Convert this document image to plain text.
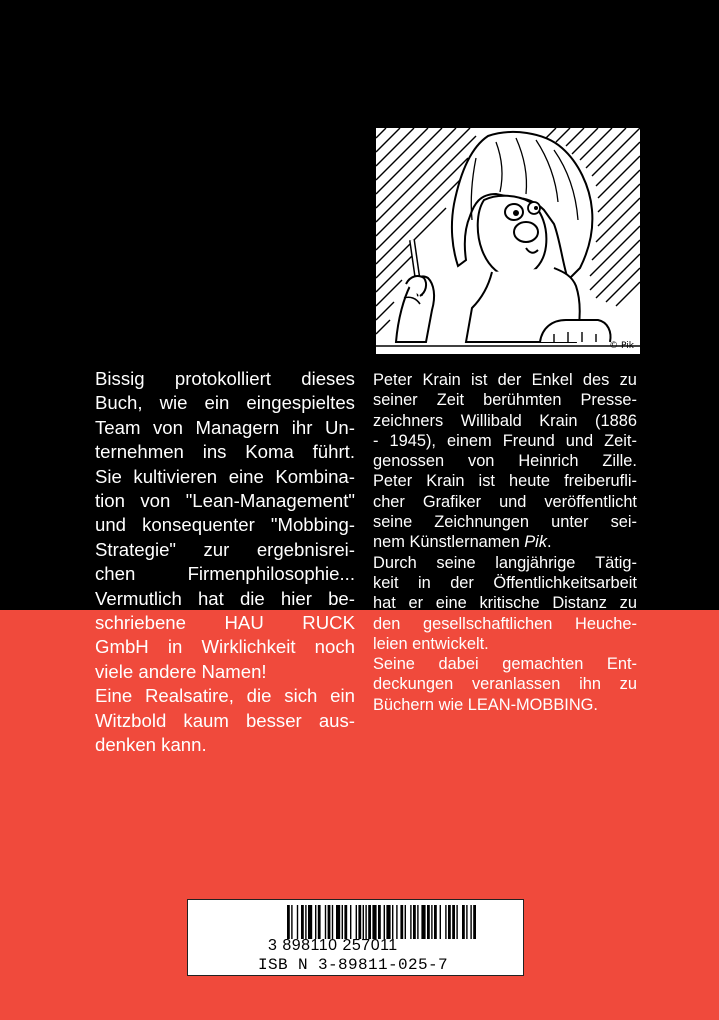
© Pik
Bissig protokolliert dieses
Buch, wie ein eingespieltes
Team von Managern ihr Un-
ternehmen ins Koma führt.
Sie kultivieren eine Kombina-
tion von "Lean-Management"
und konsequenter "Mobbing-
Strategie" zur ergebnisrei-
chen	Firmenphilosophie...
Vermutlich hat die hier be-
schriebene HAU RUCK
GmbH in Wirklichkeit noch
viele andere Namen!
Eine Realsatire, die sich ein
Witzbold kaum besser aus-
denken kann.
Peter Krain ist der Enkel des zu
seiner Zeit berühmten Presse-
zeichners Willibald Krain (1886
- 1945), einem Freund und Zeit-
genossen von Heinrich Zille.
Peter Krain ist heute freiberufli-
cher Grafiker und veröffentlicht
seine Zeichnungen unter sei-
nem Künstlernamen Pik.
Durch seine langjährige Tätig-
keit in der Öffentlichkeitsarbeit
hat er eine kritische Distanz zu
den gesellschaftlichen Heuche-
leien entwickelt.
Seine dabei gemachten Ent-
deckungen veranlassen ihn zu
Büchern wie LEAN-MOBBING.
3 898110 257011
ISB N 3-89811-025-7
